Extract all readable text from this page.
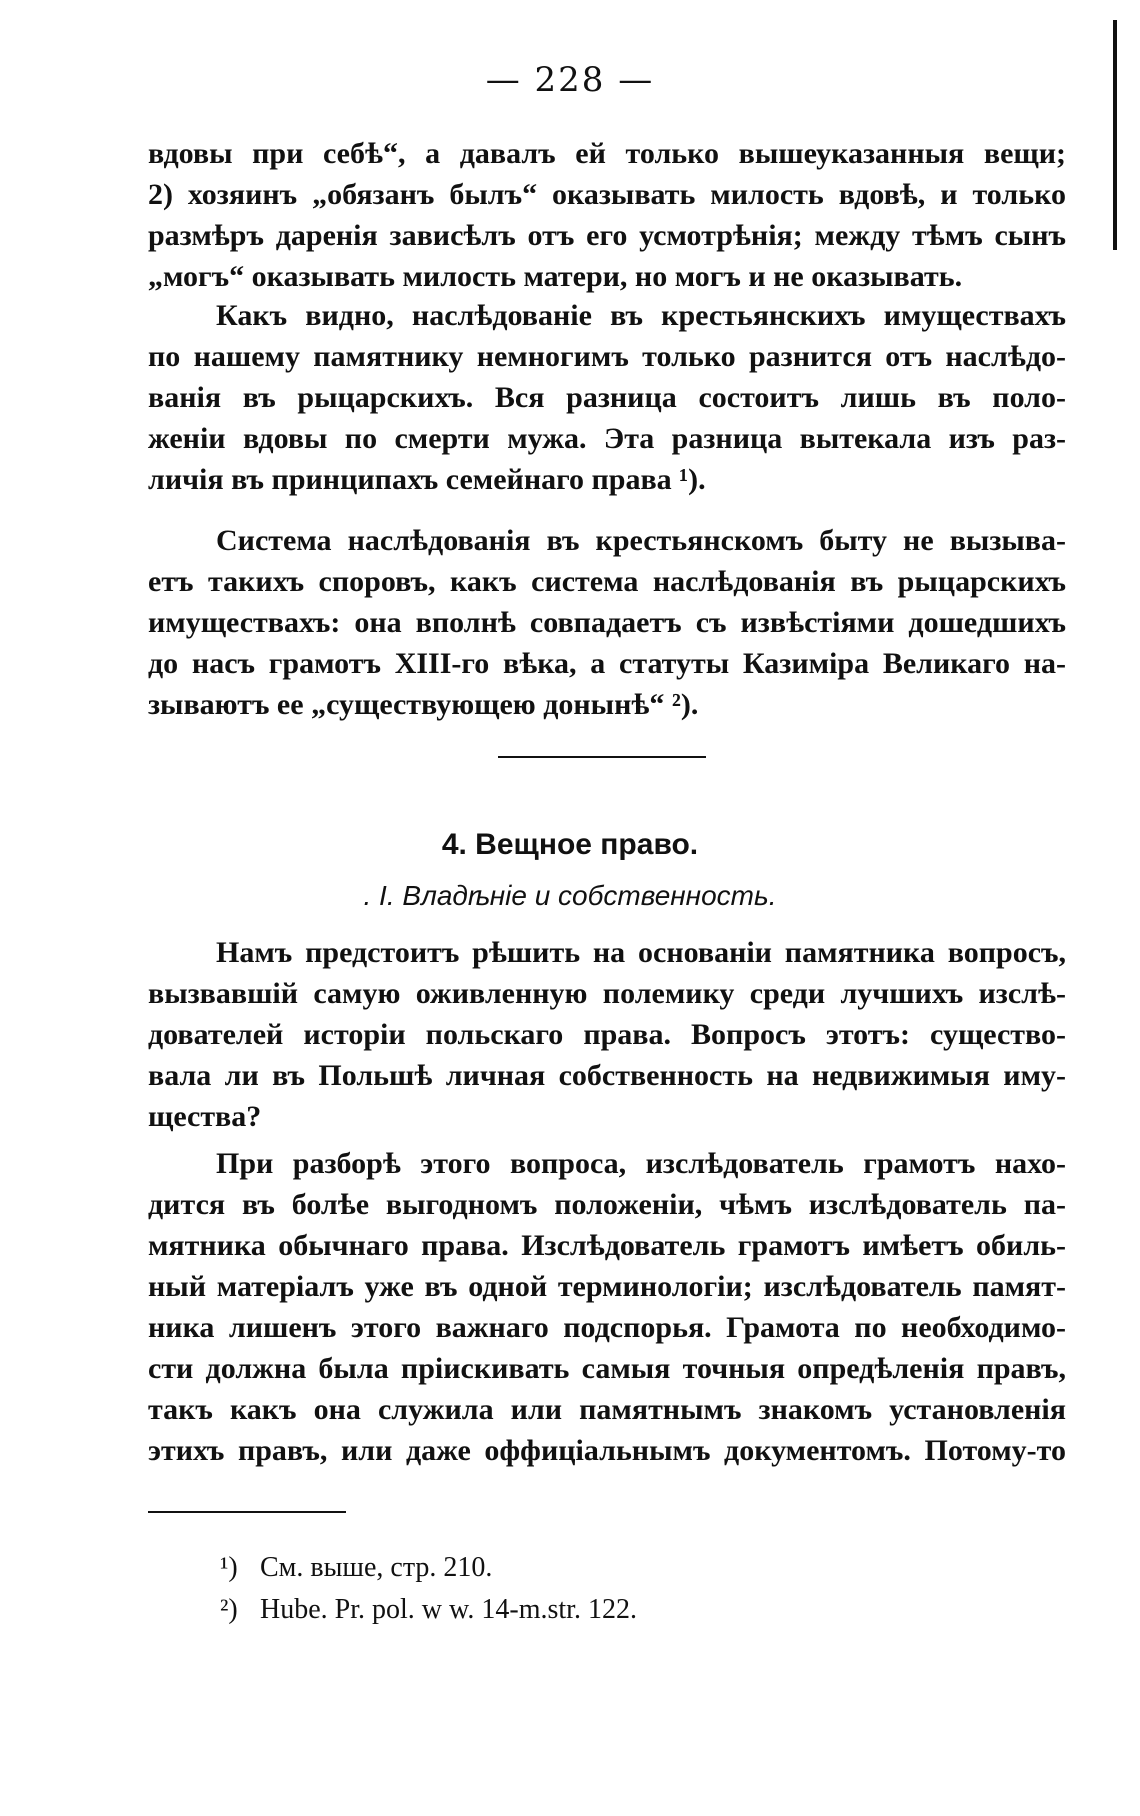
— 228 —
вдовы при себѣ“, а давалъ ей только вышеуказанныя вещи;
2) хозяинъ „обязанъ былъ“ оказывать милость вдовѣ, и только
размѣръ даренія зависѣлъ отъ его усмотрѣнія; между тѣмъ сынъ
„могъ“ оказывать милость матери, но могъ и не оказывать.
Какъ видно, наслѣдованіе въ крестьянскихъ имуществахъ
по нашему памятнику немногимъ только разнится отъ наслѣдо-
ванія въ рыцарскихъ. Вся разница состоитъ лишь въ поло-
женіи вдовы по смерти мужа. Эта разница вытекала изъ раз-
личія въ принципахъ семейнаго права ¹).
Система наслѣдованія въ крестьянскомъ быту не вызыва-
етъ такихъ споровъ, какъ система наслѣдованія въ рыцарскихъ
имуществахъ: она вполнѣ совпадаетъ съ извѣстіями дошедшихъ
до насъ грамотъ XIII-го вѣка, а статуты Казиміра Великаго на-
зываютъ ее „существующею донынѣ“ ²).
4. Вещное право.
. I. Владѣніе и собственность.
Намъ предстоитъ рѣшить на основаніи памятника вопросъ,
вызвавшій самую оживленную полемику среди лучшихъ изслѣ-
дователей исторіи польскаго права. Вопросъ этотъ: существо-
вала ли въ Польшѣ личная собственность на недвижимыя иму-
щества?
При разборѣ этого вопроса, изслѣдователь грамотъ нахо-
дится въ болѣе выгодномъ положеніи, чѣмъ изслѣдователь па-
мятника обычнаго права. Изслѣдователь грамотъ имѣетъ обиль-
ный матеріалъ уже въ одной терминологіи; изслѣдователь памят-
ника лишенъ этого важнаго подспорья. Грамота по необходимо-
сти должна была пріискивать самыя точныя опредѣленія правъ,
такъ какъ она служила или памятнымъ знакомъ установленія
этихъ правъ, или даже оффиціальнымъ документомъ. Потому-то
¹) См. выше, стр. 210.
²) Hube. Pr. pol. w w. 14-m.str. 122.
